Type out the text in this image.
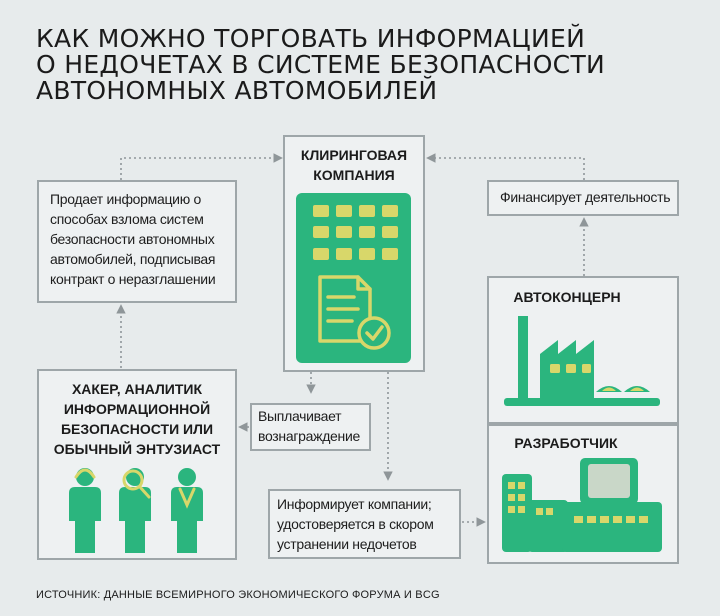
КАК МОЖНО ТОРГОВАТЬ ИНФОРМАЦИЕЙ
О НЕДОЧЕТАХ В СИСТЕМЕ БЕЗОПАСНОСТИ
АВТОНОМНЫХ АВТОМОБИЛЕЙ
КЛИРИНГОВАЯ
КОМПАНИЯ
Продает информацию о
способах взлома систем
безопасности автономных
автомобилей, подписывая
контракт о неразглашении
Финансирует деятельность
АВТОКОНЦЕРН
РАЗРАБОТЧИК
ХАКЕР, АНАЛИТИК
ИНФОРМАЦИОННОЙ
БЕЗОПАСНОСТИ ИЛИ
ОБЫЧНЫЙ ЭНТУЗИАСТ
Выплачивает
вознаграждение
Информирует компании;
удостоверяется в скором
устранении недочетов
ИСТОЧНИК: ДАННЫЕ ВСЕМИРНОГО ЭКОНОМИЧЕСКОГО ФОРУМА И BCG
